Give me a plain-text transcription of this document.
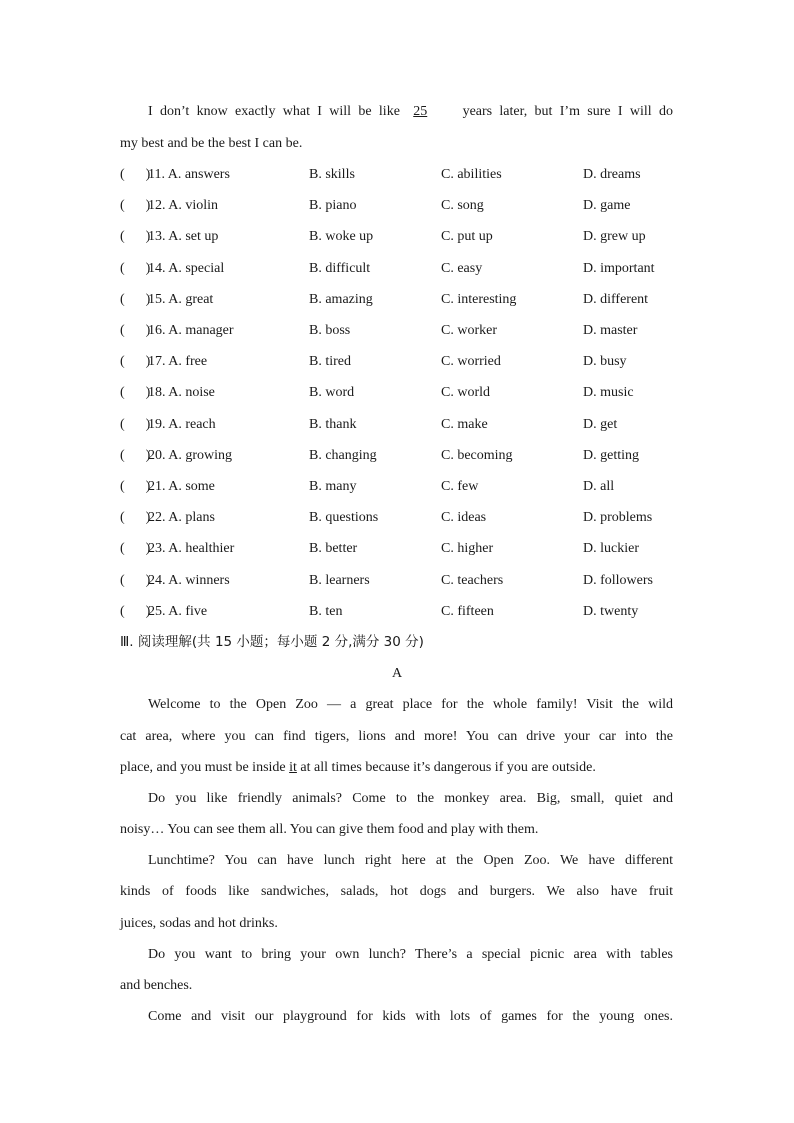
I don’t know exactly what I will be like 25	years later, but I’m sure I will do
my best and be the best I can be.
(      )
11. A. answers	B. skills	C. abilities	D. dreams
(      )
12. A. violin	B. piano	C. song	D. game
(      )
13. A. set up	B. woke up	C. put up	D. grew up
(      )
14. A. special	B. difficult	C. easy	D. important
(      )
15. A. great	B. amazing	C. interesting	D. different
(      )
16. A. manager	B. boss	C. worker	D. master
(      )
17. A. free	B. tired	C. worried	D. busy
(      )
18. A. noise	B. word	C. world	D. music
(      )
19. A. reach	B. thank	C. make	D. get
(      )
20. A. growing	B. changing	C. becoming	D. getting
(      )
21. A. some	B. many	C. few	D. all
(      )
22. A. plans	B. questions	C. ideas	D. problems
(      )
23. A. healthier	B. better	C. higher	D. luckier
(      )
24. A. winners	B. learners	C. teachers	D. followers
(      )
25. A. five	B. ten	C. fifteen	D. twenty
Ⅲ. 阅读理解(共 15 小题；每小题 2 分,满分 30 分)
A
Welcome to the Open Zoo — a great place for the whole family! Visit the wild
cat area, where you can find tigers, lions and more! You can drive your car into the
place, and you must be inside it at all times because it’s dangerous if you are outside.
Do you like friendly animals? Come to the monkey area. Big, small, quiet and
noisy… You can see them all. You can give them food and play with them.
Lunchtime? You can have lunch right here at the Open Zoo. We have different
kinds of foods like sandwiches, salads, hot dogs and burgers. We also have fruit
juices, sodas and hot drinks.
Do you want to bring your own lunch? There’s a special picnic area with tables
and benches.
Come and visit our playground for kids with lots of games for the young ones.
